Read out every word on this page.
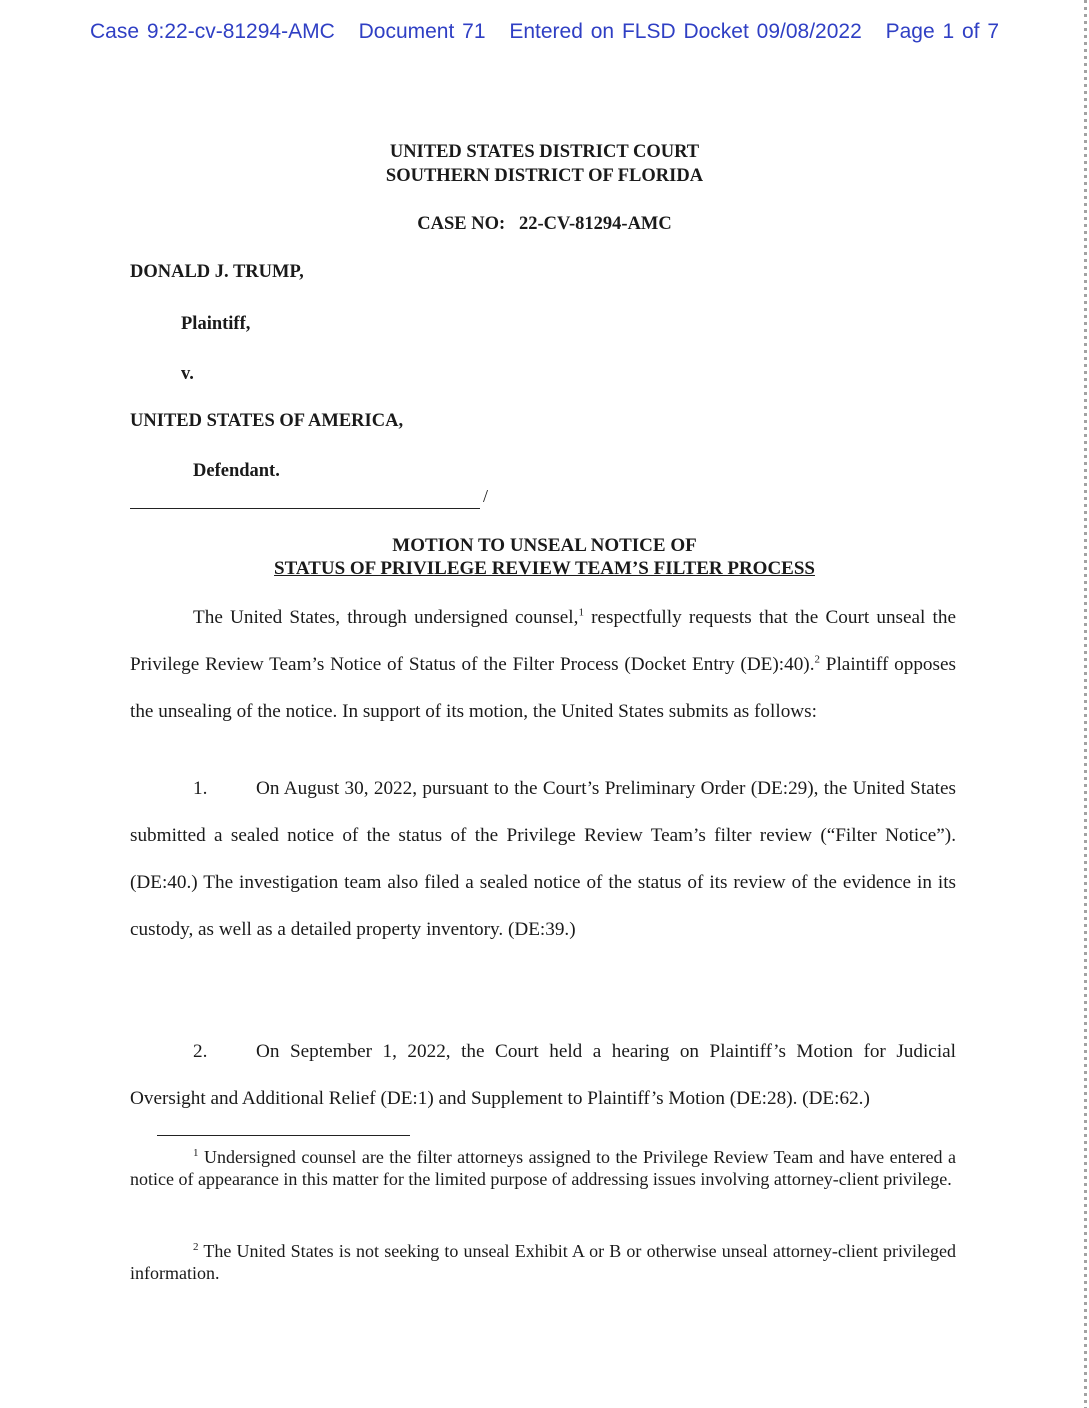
Case 9:22-cv-81294-AMC Document 71 Entered on FLSD Docket 09/08/2022 Page 1 of 7
UNITED STATES DISTRICT COURT
SOUTHERN DISTRICT OF FLORIDA
CASE NO:   22-CV-81294-AMC
DONALD J. TRUMP,
Plaintiff,
v.
UNITED STATES OF AMERICA,
Defendant.
/
MOTION TO UNSEAL NOTICE OF
STATUS OF PRIVILEGE REVIEW TEAM’S FILTER PROCESS
The United States, through undersigned counsel,$^1$ respectfully requests that the Court unseal the Privilege Review Team’s Notice of Status of the Filter Process (Docket Entry (DE):40).$^2$ Plaintiff opposes the unsealing of the notice. In support of its motion, the United States submits as follows:
1.	On August 30, 2022, pursuant to the Court’s Preliminary Order (DE:29), the United States submitted a sealed notice of the status of the Privilege Review Team’s filter review (“Filter Notice”). (DE:40.) The investigation team also filed a sealed notice of the status of its review of the evidence in its custody, as well as a detailed property inventory. (DE:39.)
2.	On September 1, 2022, the Court held a hearing on Plaintiff’s Motion for Judicial Oversight and Additional Relief (DE:1) and Supplement to Plaintiff’s Motion (DE:28). (DE:62.)
$^1$ Undersigned counsel are the filter attorneys assigned to the Privilege Review Team and have entered a notice of appearance in this matter for the limited purpose of addressing issues involving attorney-client privilege.
$^2$ The United States is not seeking to unseal Exhibit A or B or otherwise unseal attorney-client privileged information.
